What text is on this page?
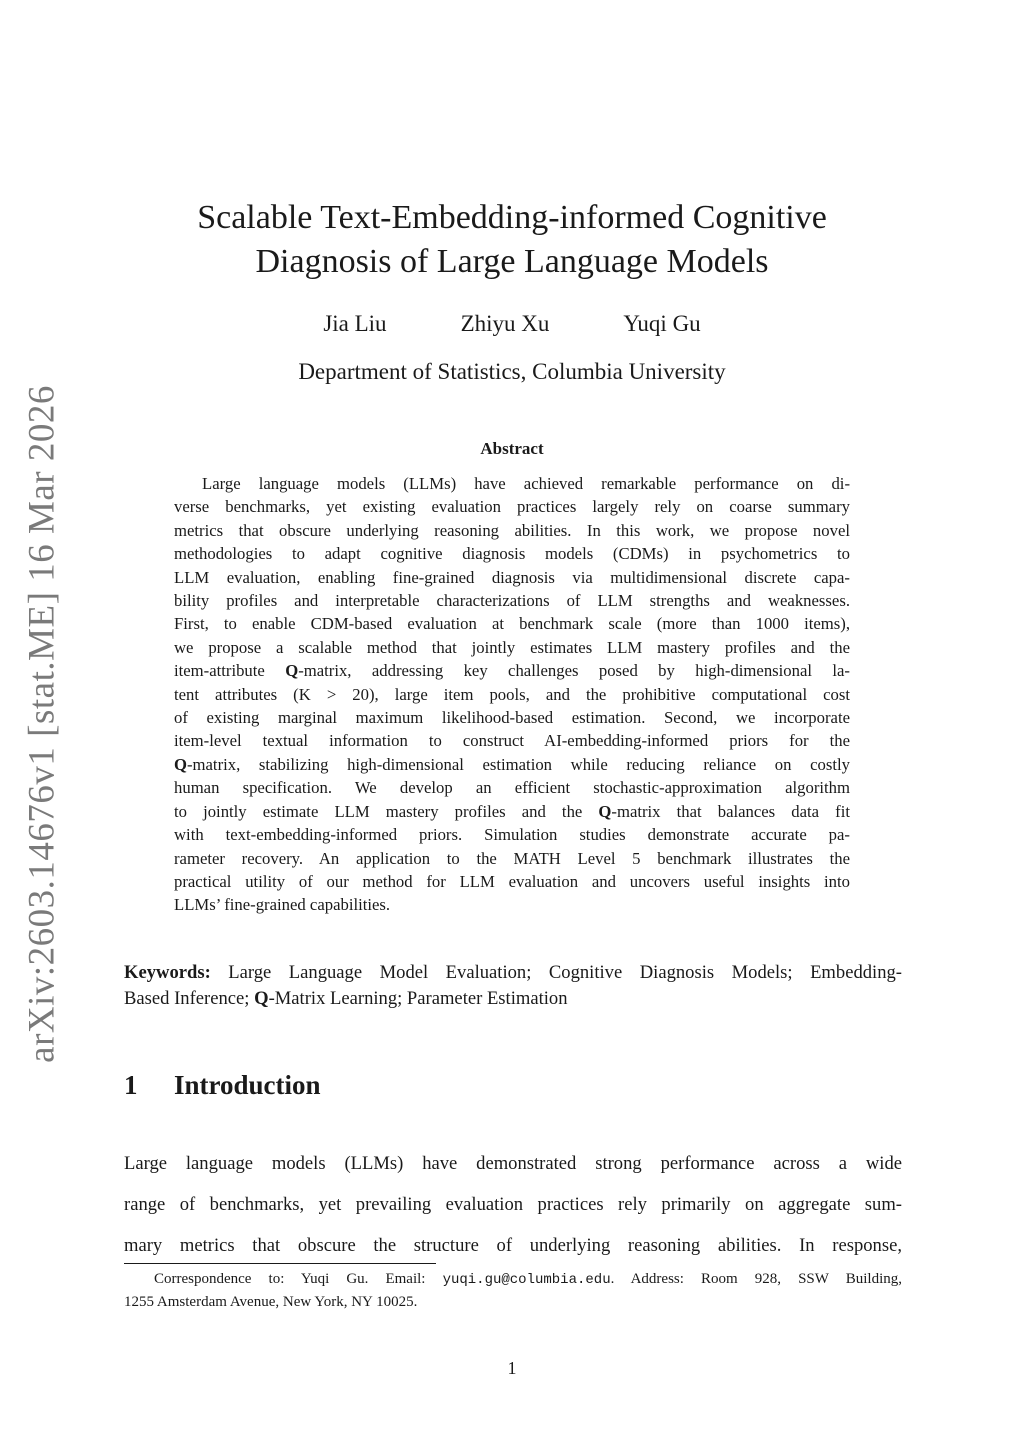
arXiv:2603.14676v1 [stat.ME] 16 Mar 2026
Scalable Text-Embedding-informed Cognitive
Diagnosis of Large Language Models
Jia Liu	Zhiyu Xu	Yuqi Gu
Department of Statistics, Columbia University
Abstract
Large language models (LLMs) have achieved remarkable performance on di-
verse benchmarks, yet existing evaluation practices largely rely on coarse summary
metrics that obscure underlying reasoning abilities. In this work, we propose novel
methodologies to adapt cognitive diagnosis models (CDMs) in psychometrics to
LLM evaluation, enabling fine-grained diagnosis via multidimensional discrete capa-
bility profiles and interpretable characterizations of LLM strengths and weaknesses.
First, to enable CDM-based evaluation at benchmark scale (more than 1000 items),
we propose a scalable method that jointly estimates LLM mastery profiles and the
item-attribute Q-matrix, addressing key challenges posed by high-dimensional la-
tent attributes (K > 20), large item pools, and the prohibitive computational cost
of existing marginal maximum likelihood-based estimation. Second, we incorporate
item-level textual information to construct AI-embedding-informed priors for the
Q-matrix, stabilizing high-dimensional estimation while reducing reliance on costly
human specification. We develop an efficient stochastic-approximation algorithm
to jointly estimate LLM mastery profiles and the Q-matrix that balances data fit
with text-embedding-informed priors. Simulation studies demonstrate accurate pa-
rameter recovery. An application to the MATH Level 5 benchmark illustrates the
practical utility of our method for LLM evaluation and uncovers useful insights into
LLMs’ fine-grained capabilities.
Keywords: Large Language Model Evaluation; Cognitive Diagnosis Models; Embedding-
Based Inference; Q-Matrix Learning; Parameter Estimation
1 Introduction
Large language models (LLMs) have demonstrated strong performance across a wide
range of benchmarks, yet prevailing evaluation practices rely primarily on aggregate sum-
mary metrics that obscure the structure of underlying reasoning abilities. In response,
Correspondence to: Yuqi Gu. Email: yuqi.gu@columbia.edu. Address: Room 928, SSW Building,
1255 Amsterdam Avenue, New York, NY 10025.
1
